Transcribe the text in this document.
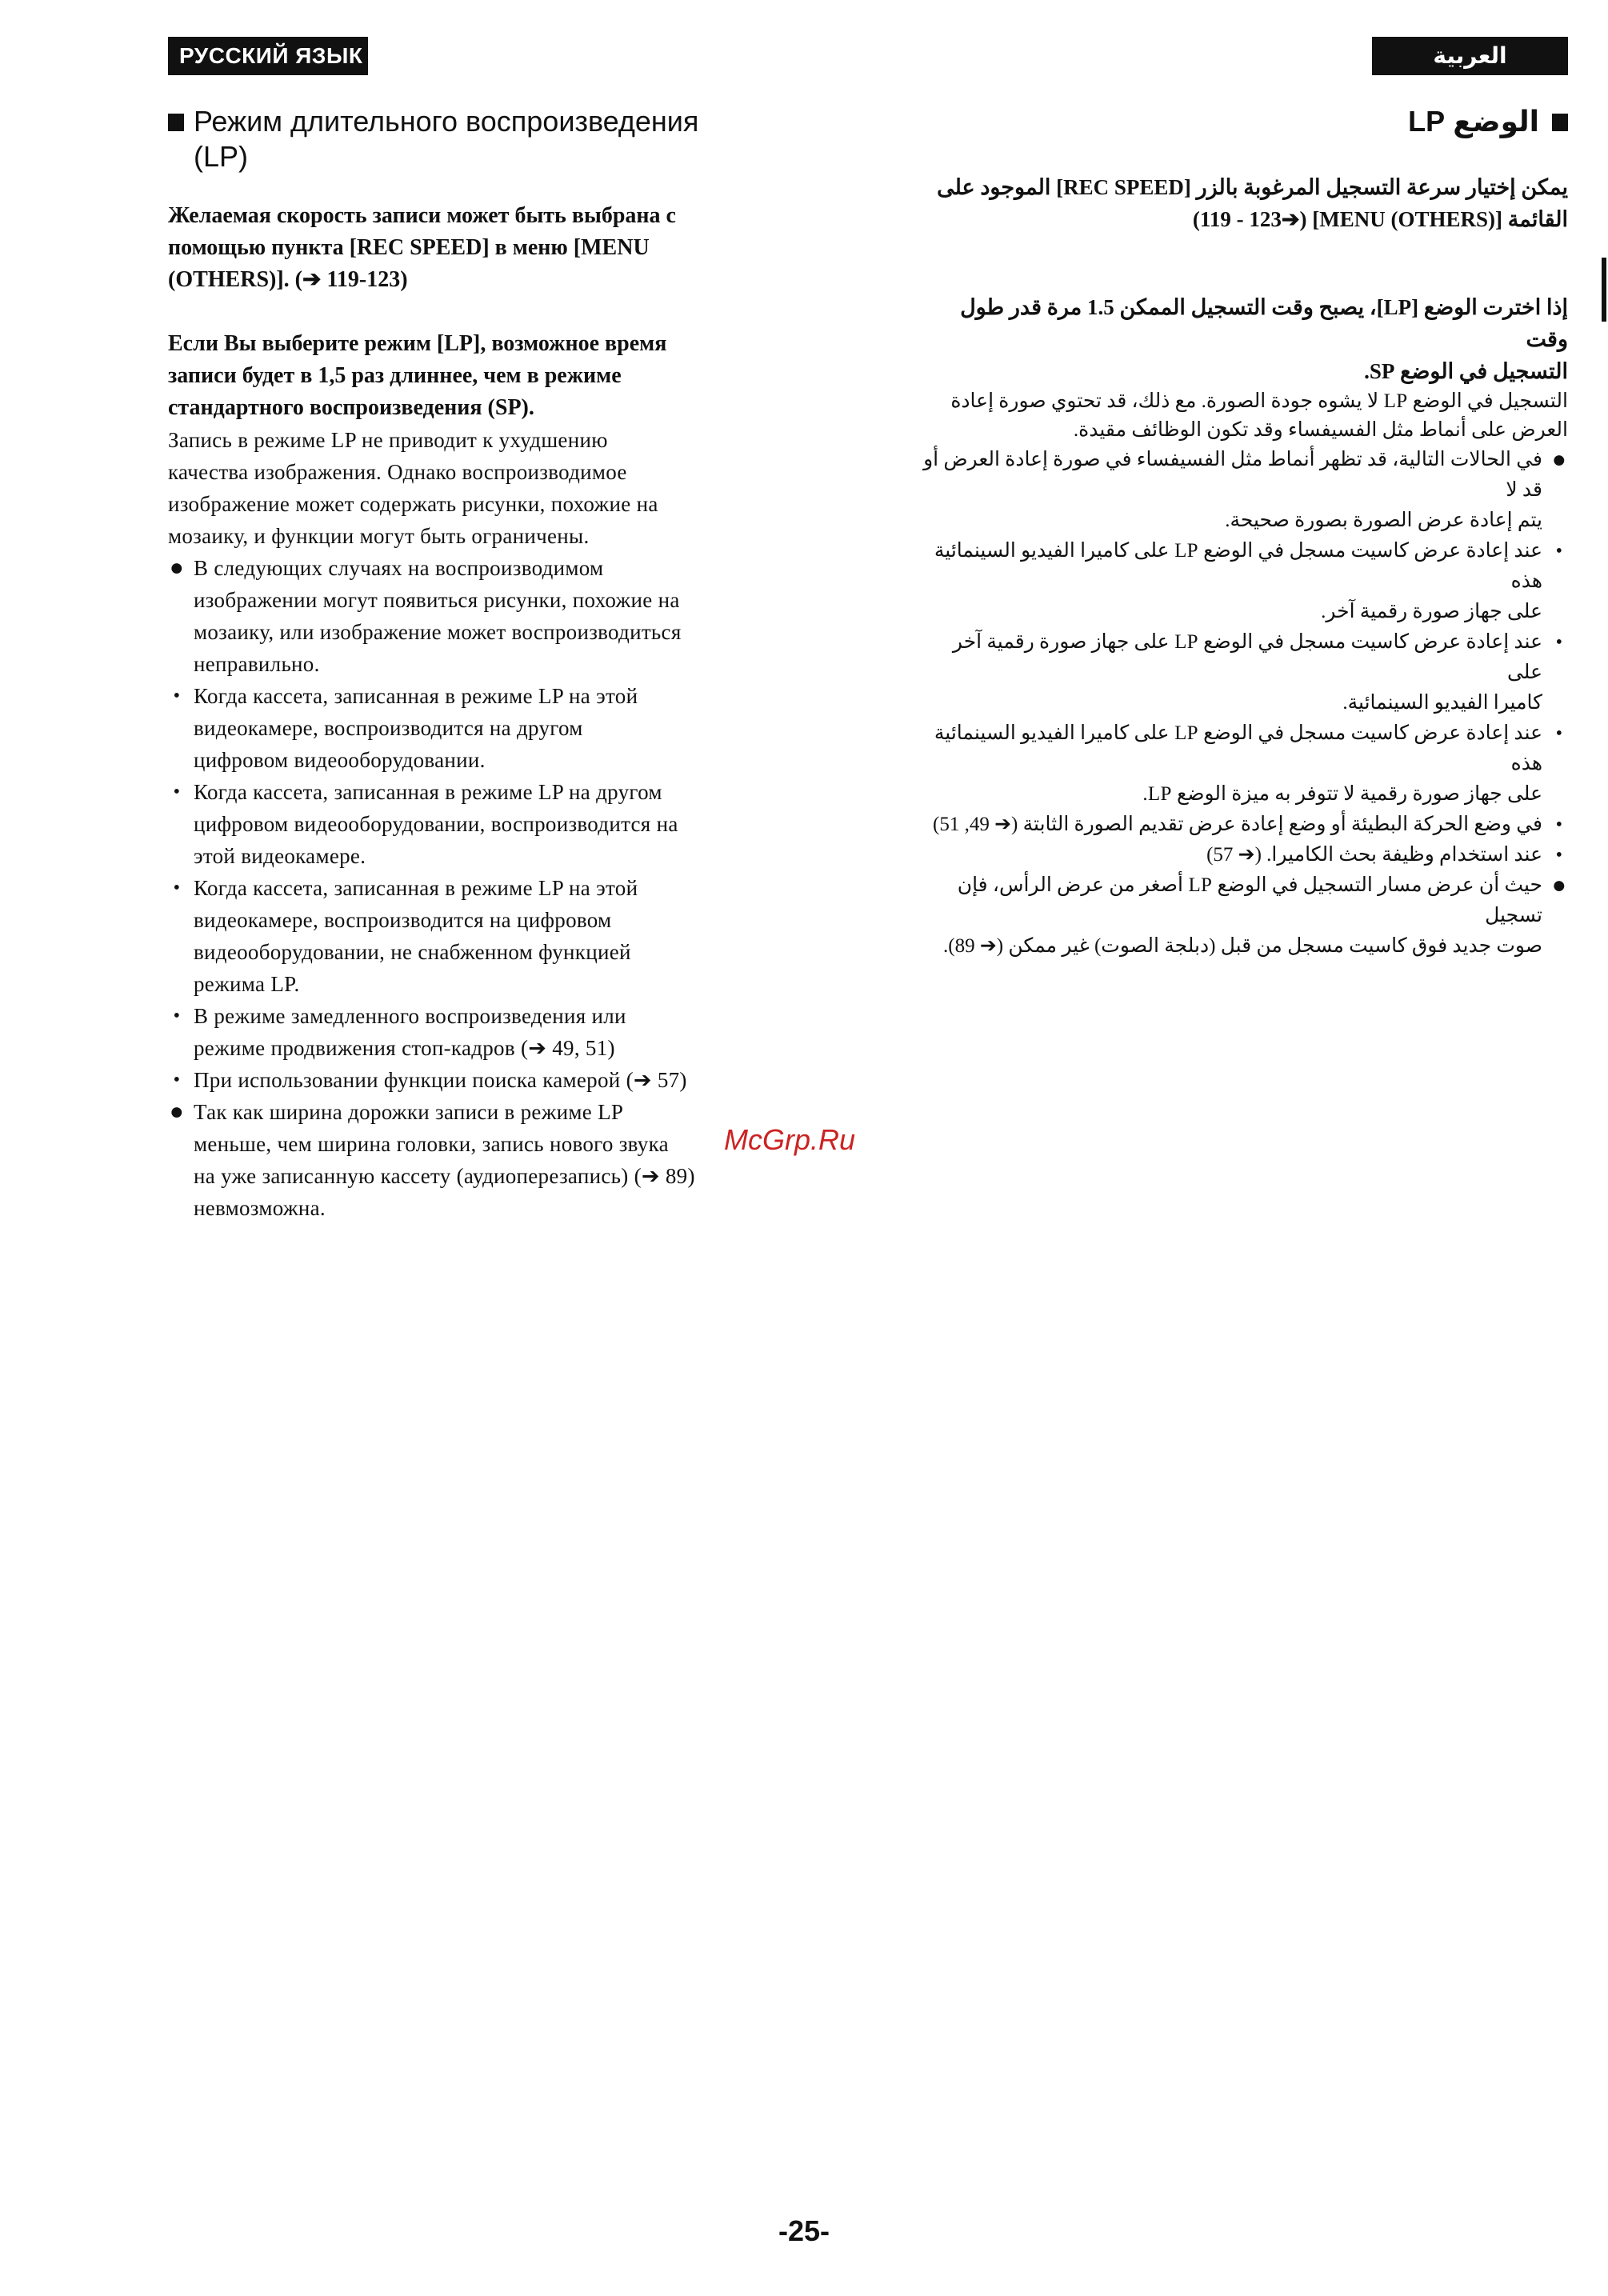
РУССКИЙ ЯЗЫК	العربية
Режим длительного воспроизведения
(LP)

Желаемая скорость записи может быть выбрана с
помощью пункта [REC SPEED] в меню [MENU
(OTHERS)]. (➔ 119-123)

Если Вы выберите режим [LP], возможное время
записи будет в 1,5 раз длиннее, чем в режиме
стандартного воспроизведения (SP).

Запись в режиме LP не приводит к ухудшению
качества изображения. Однако воспроизводимое
изображение может содержать рисунки, похожие на
мозаику, и функции могут быть ограничены.

● В следующих случаях на воспроизводимом
изображении могут появиться рисунки, похожие на
мозаику, или изображение может воспроизводиться
неправильно.
• Когда кассета, записанная в режиме LP на этой
видеокамере, воспроизводится на другом
цифровом видеооборудовании.
• Когда кассета, записанная в режиме LP на другом
цифровом видеооборудовании, воспроизводится на
этой видеокамере.
• Когда кассета, записанная в режиме LP на этой
видеокамере, воспроизводится на цифровом
видеооборудовании, не снабженном функцией
режима LP.
• В режиме замедленного воспроизведения или
режиме продвижения стоп-кадров (➔ 49, 51)
• При использовании функции поиска камерой (➔ 57)
● Так как ширина дорожки записи в режиме LP
меньше, чем ширина головки, запись нового звука
на уже записанную кассету (аудиоперезапись) (➔ 89)
невмозможна.
الوضع LP

يمكن إختيار سرعة التسجيل المرغوبة بالزر [REC SPEED] الموجود على
القائمة [MENU (OTHERS)] (➔119 - 123)

إذا اخترت الوضع [LP]، يصبح وقت التسجيل الممكن 1.5 مرة قدر طول وقت
التسجيل في الوضع SP.

التسجيل في الوضع LP لا يشوه جودة الصورة. مع ذلك، قد تحتوي صورة إعادة
العرض على أنماط مثل الفسيفساء وقد تكون الوظائف مقيدة.

●
في الحالات التالية، قد تظهر أنماط مثل الفسيفساء في صورة إعادة العرض أو قد لا
يتم إعادة عرض الصورة بصورة صحيحة.
•
عند إعادة عرض كاسيت مسجل في الوضع LP على كاميرا الفيديو السينمائية هذه
على جهاز صورة رقمية آخر.
•
عند إعادة عرض كاسيت مسجل في الوضع LP على جهاز صورة رقمية آخر على
كاميرا الفيديو السينمائية.
•
عند إعادة عرض كاسيت مسجل في الوضع LP على كاميرا الفيديو السينمائية هذه
على جهاز صورة رقمية لا تتوفر به ميزة الوضع LP.
•
في وضع الحركة البطيئة أو وضع إعادة عرض تقديم الصورة الثابتة (➔ 49, 51)
•
عند استخدام وظيفة بحث الكاميرا. (➔ 57)
●
حيث أن عرض مسار التسجيل في الوضع LP أصغر من عرض الرأس، فإن تسجيل
صوت جديد فوق كاسيت مسجل من قبل (دبلجة الصوت) غير ممكن (➔ 89).
McGrp.Ru
-25-
